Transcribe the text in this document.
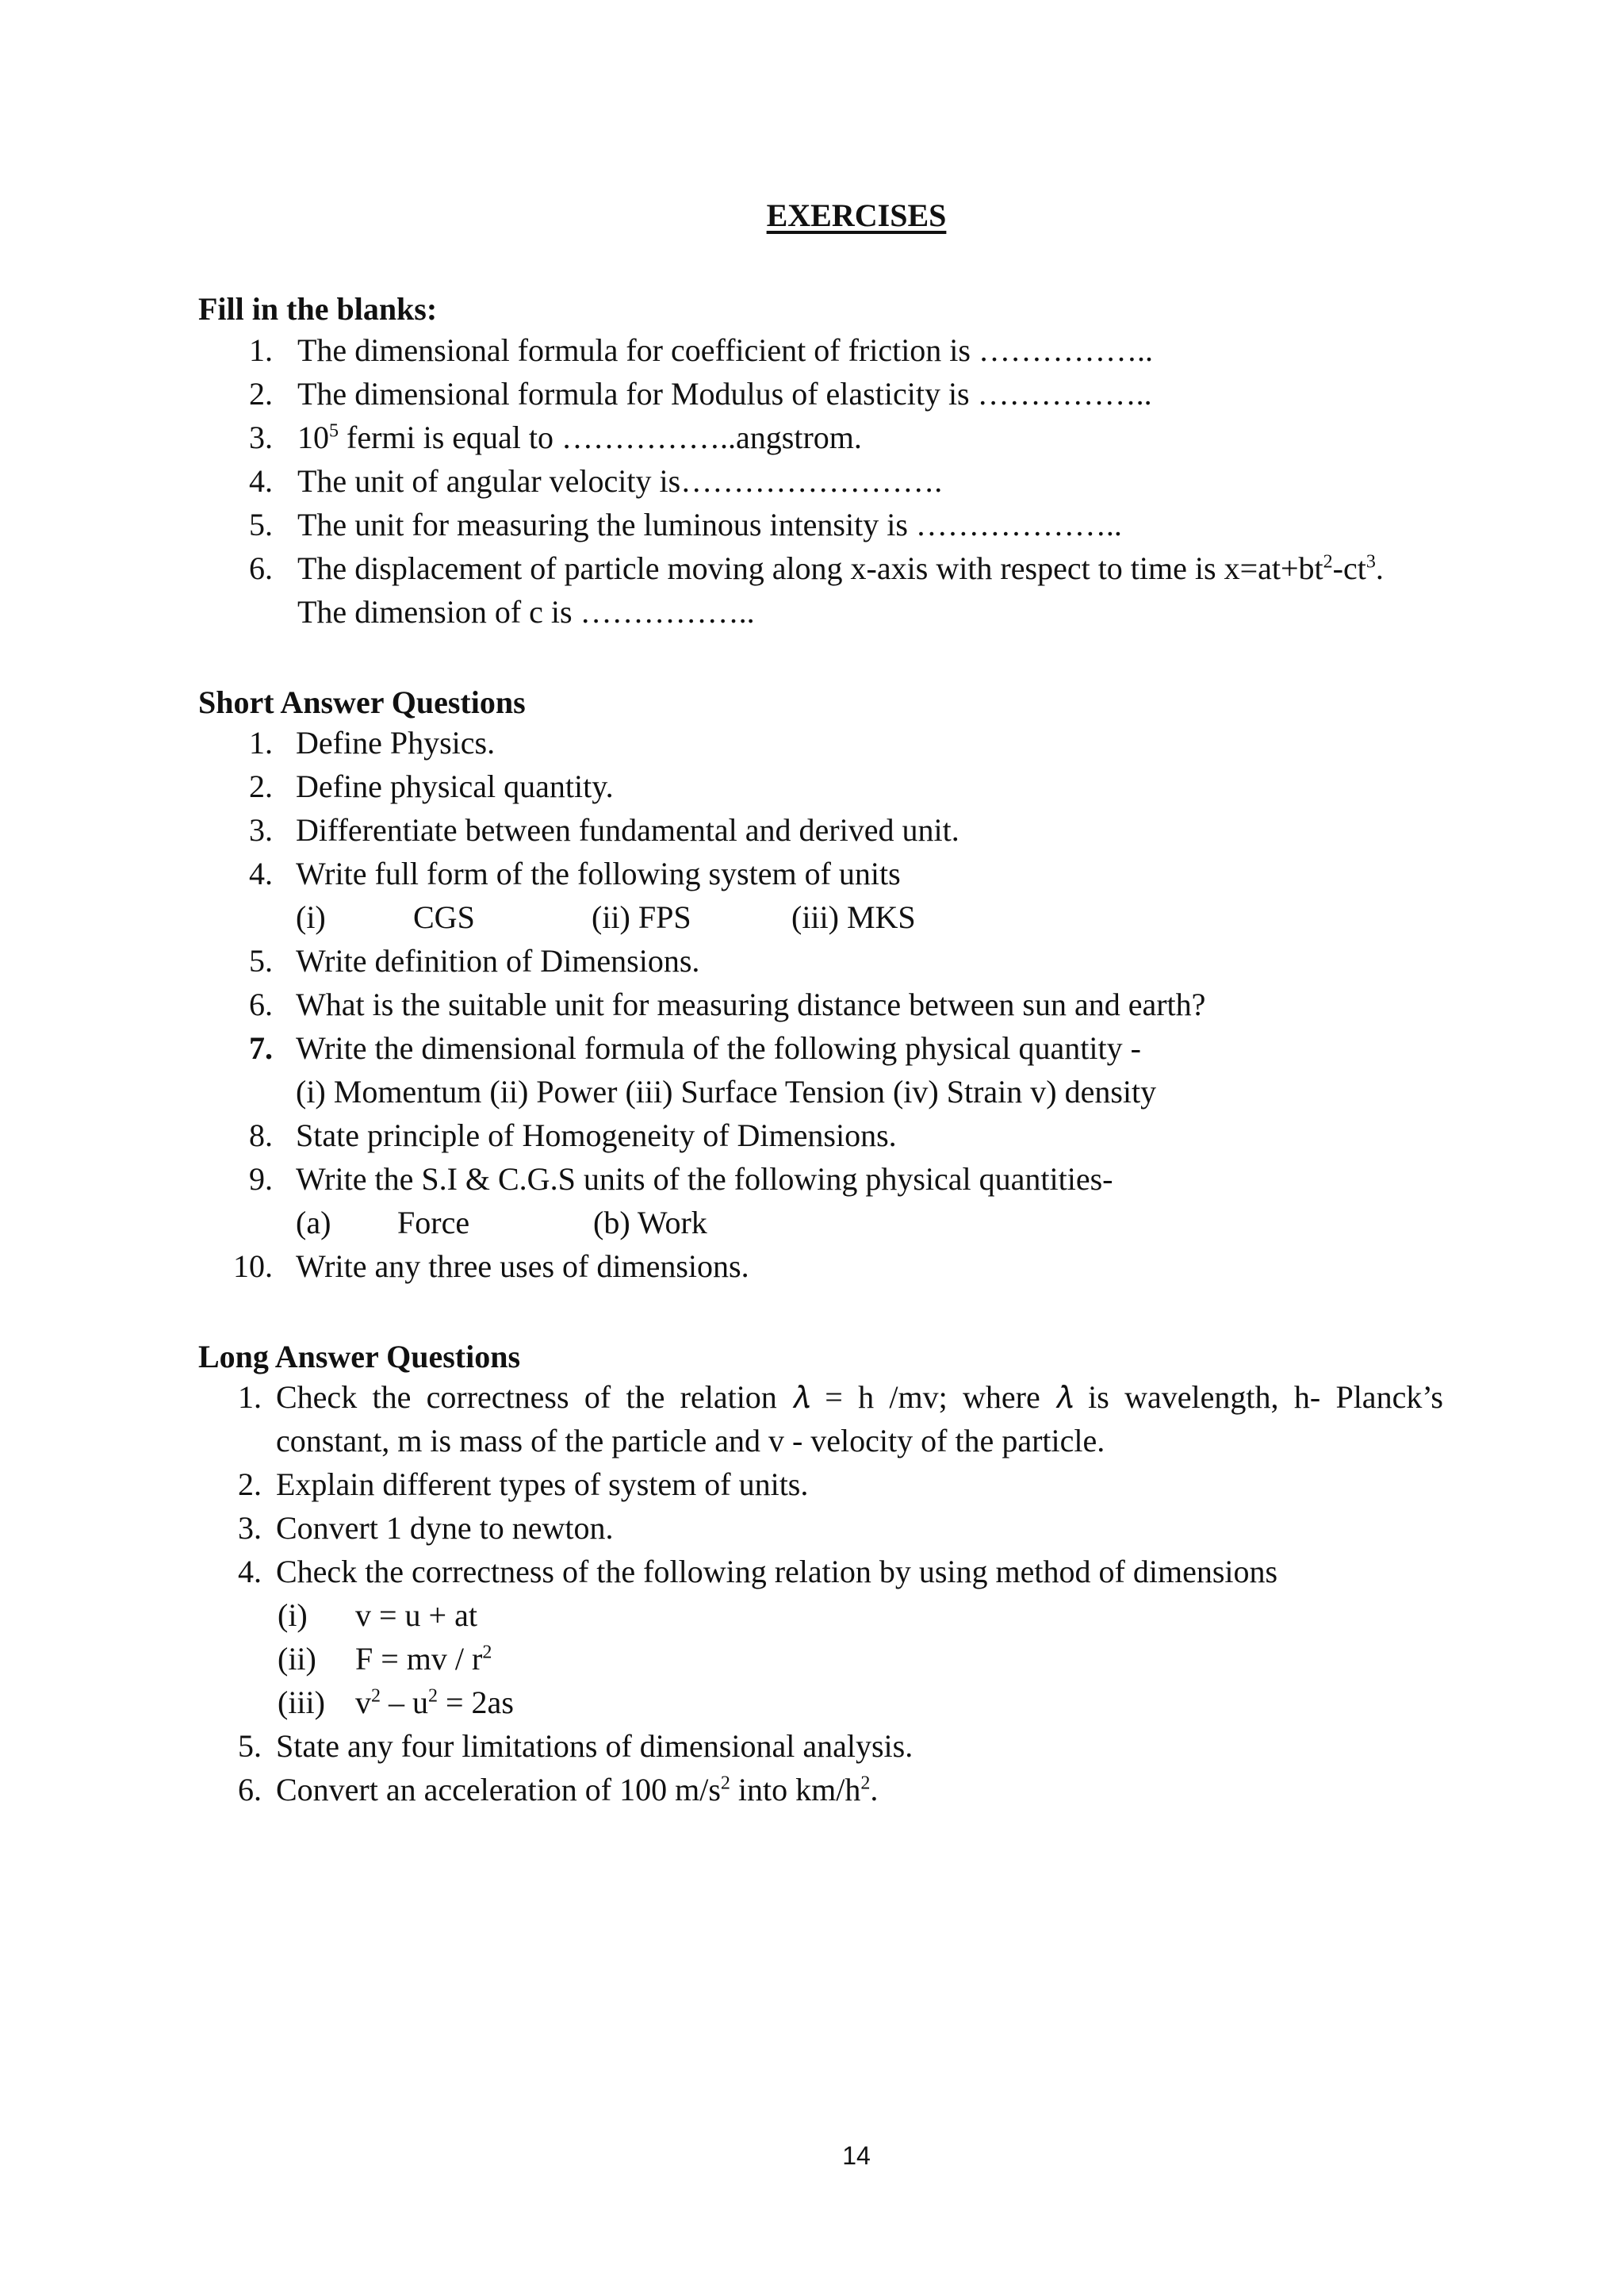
EXERCISES
Fill in the blanks:
1. The dimensional formula for coefficient of friction is ……………..
2. The dimensional formula for Modulus of elasticity is ……………..
3. $10^5$ fermi is equal to ……………..angstrom.
4. The unit of angular velocity is…………………….
5. The unit for measuring the luminous intensity is ………………..
6. The displacement of particle moving along x-axis with respect to time is $x=at+bt^2-ct^3$.
The dimension of c is ……………..
Short Answer Questions
1. Define Physics.
2. Define physical quantity.
3. Differentiate between fundamental and derived unit.
4. Write full form of the following system of units
(i)	CGS	(ii) FPS	(iii) MKS
5. Write definition of Dimensions.
6. What is the suitable unit for measuring distance between sun and earth?
7. Write the dimensional formula of the following physical quantity -
(i) Momentum (ii) Power (iii) Surface Tension (iv) Strain v) density
8. State principle of Homogeneity of Dimensions.
9. Write the S.I & C.G.S units of the following physical quantities-
(a) Force	(b) Work
10. Write any three uses of dimensions.
Long Answer Questions
1. Check the correctness of the relation 𝜆 = h /mv; where 𝜆 is wavelength, h- Planck’s
constant, m is mass of the particle and v - velocity of the particle.
2. Explain different types of system of units.
3. Convert 1 dyne to newton.
4. Check the correctness of the following relation by using method of dimensions
(i) v = u + at
(ii) F = mv / $r^2$
(iii) $v^2 - u^2 = 2as$
5. State any four limitations of dimensional analysis.
6. Convert an acceleration of 100 $m/s^2$ into $km/h^2$.
14
